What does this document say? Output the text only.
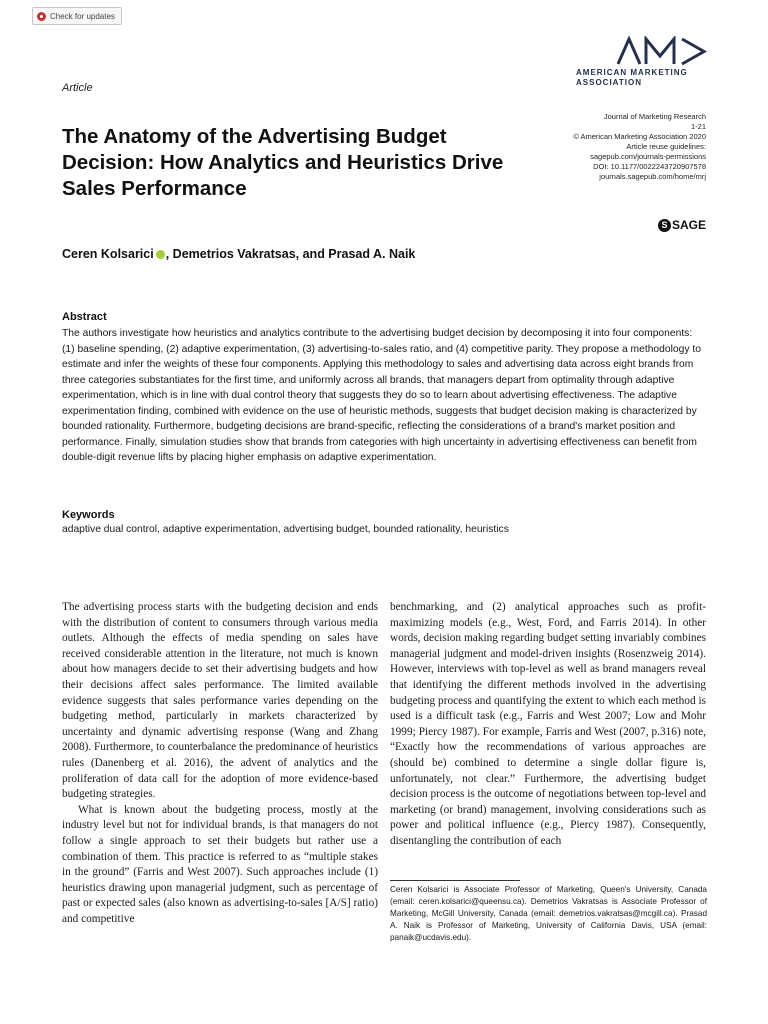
Check for updates
Article
AMERICAN MARKETING
ASSOCIATION
The Anatomy of the Advertising Budget Decision: How Analytics and Heuristics Drive Sales Performance
Journal of Marketing Research
1-21
© American Marketing Association 2020
Article reuse guidelines:
sagepub.com/journals-permissions
DOI: 10.1177/0022243720907578
journals.sagepub.com/home/mrj
S SAGE
Ceren Kolsarici , Demetrios Vakratsas, and Prasad A. Naik
Abstract
The authors investigate how heuristics and analytics contribute to the advertising budget decision by decomposing it into four components: (1) baseline spending, (2) adaptive experimentation, (3) advertising-to-sales ratio, and (4) competitive parity. They propose a methodology to estimate and infer the weights of these four components. Applying this methodology to sales and advertising data across eight brands from three categories substantiates for the first time, and uniformly across all brands, that managers depart from optimality through adaptive experimentation, which is in line with dual control theory that suggests they do so to learn about advertising effectiveness. The adaptive experimentation finding, combined with evidence on the use of heuristic methods, suggests that budget decision making is characterized by bounded rationality. Furthermore, budgeting decisions are brand-specific, reflecting the considerations of a brand's market position and performance. Finally, simulation studies show that brands from categories with high uncertainty in advertising effectiveness can benefit from double-digit revenue lifts by placing higher emphasis on adaptive experimentation.
Keywords
adaptive dual control, adaptive experimentation, advertising budget, bounded rationality, heuristics

The advertising process starts with the budgeting decision and ends with the distribution of content to consumers through various media outlets. Although the effects of media spending on sales have received considerable attention in the literature, not much is known about how managers decide to set their advertising budgets and how their decisions affect sales performance. The limited available evidence suggests that sales performance varies depending on the budgeting method, particularly in markets characterized by uncertainty and dynamic advertising response (Wang and Zhang 2008). Furthermore, to counterbalance the predominance of heuristics rules (Danenberg et al. 2016), the advent of analytics and the proliferation of data call for the adoption of more evidence-based budgeting strategies.

What is known about the budgeting process, mostly at the industry level but not for individual brands, is that managers do not follow a single approach to set their budgets but rather use a combination of them. This practice is referred to as “multiple stakes in the ground” (Farris and West 2007). Such approaches include (1) heuristics drawing upon managerial judgment, such as percentage of past or expected sales (also known as advertising-to-sales [A/S] ratio) and competitive

benchmarking, and (2) analytical approaches such as profit-maximizing models (e.g., West, Ford, and Farris 2014). In other words, decision making regarding budget setting invariably combines managerial judgment and model-driven insights (Rosenzweig 2014). However, interviews with top-level as well as brand managers reveal that identifying the different methods involved in the advertising budgeting process and quantifying the extent to which each method is used is a difficult task (e.g., Farris and West 2007; Low and Mohr 1999; Piercy 1987). For example, Farris and West (2007, p.316) note, “Exactly how the recommendations of various approaches are (should be) combined to determine a single dollar figure is, unfortunately, not clear.” Furthermore, the advertising budget decision process is the outcome of negotiations between top-level and marketing (or brand) management, involving considerations such as power and political influence (e.g., Piercy 1987). Consequently, disentangling the contribution of each

Ceren Kolsarici is Associate Professor of Marketing, Queen's University, Canada (email: ceren.kolsarici@queensu.ca). Demetrios Vakratsas is Associate Professor of Marketing, McGill University, Canada (email: demetrios.vakratsas@mcgill.ca). Prasad A. Naik is Professor of Marketing, University of California Davis, USA (email: panaik@ucdavis.edu).
